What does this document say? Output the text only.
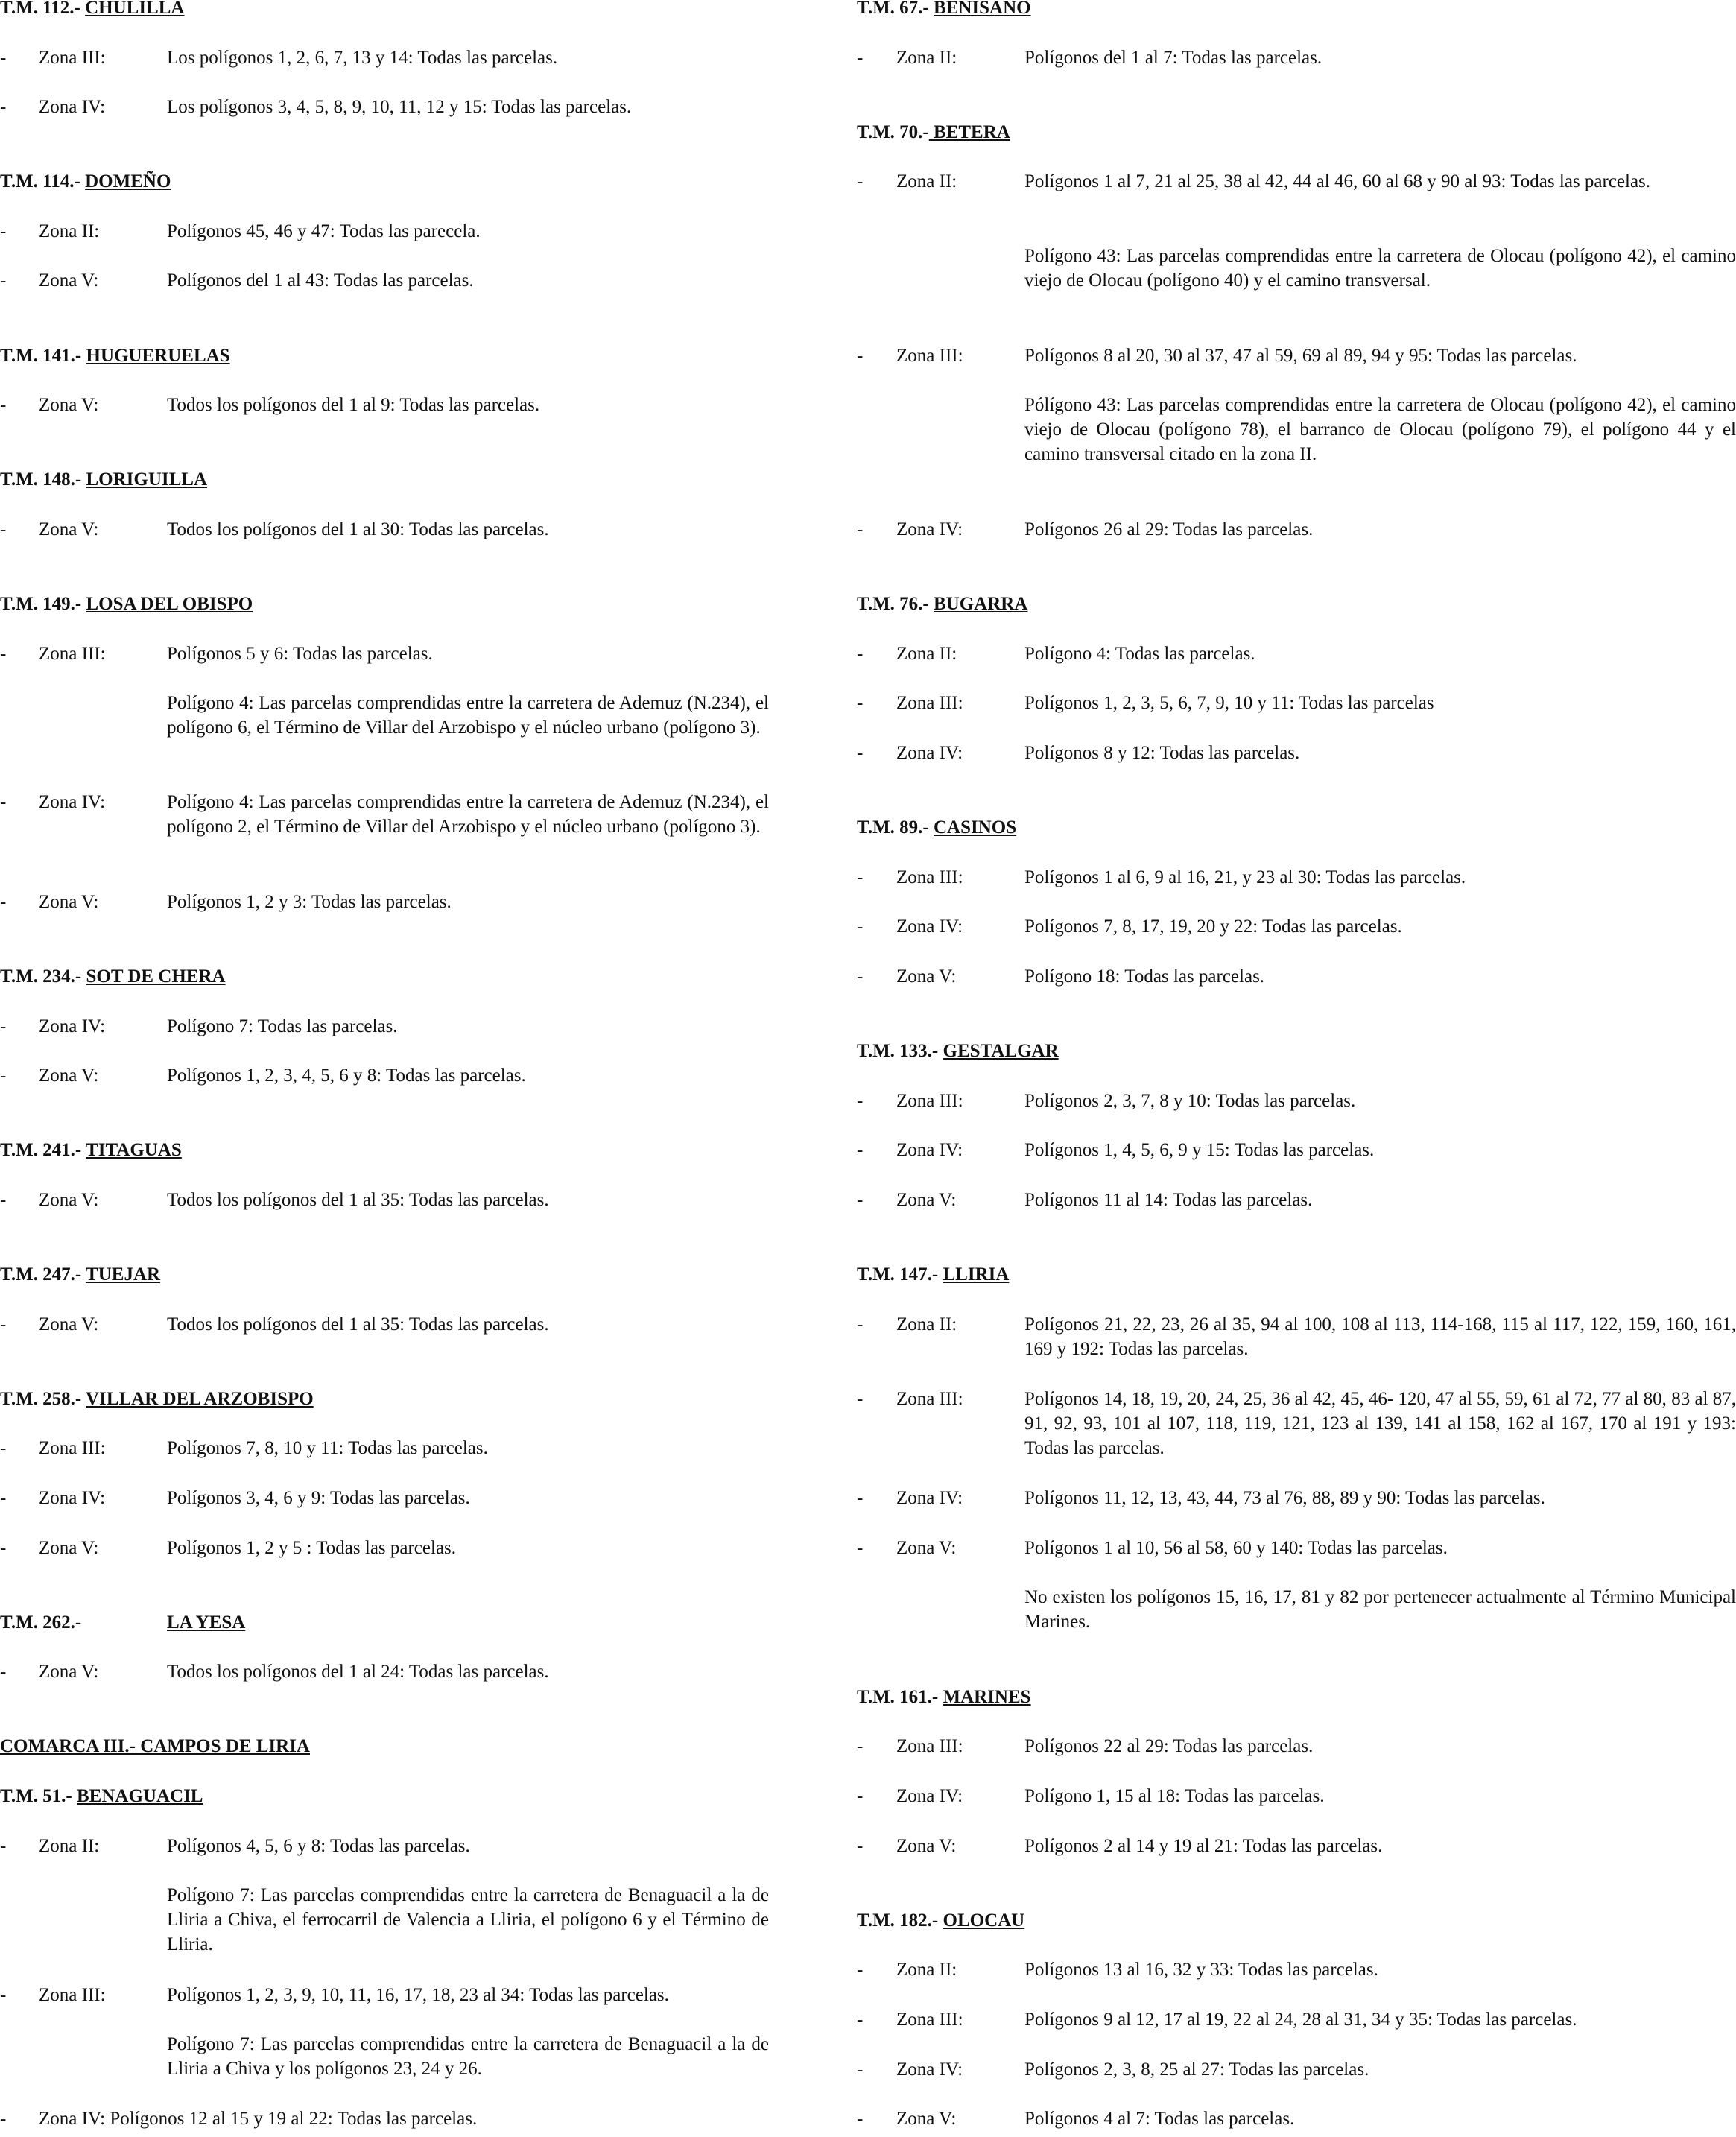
T.M. 112.- CHULILLA
-	Zona III:	Los polígonos 1, 2, 6, 7, 13 y 14: Todas las parcelas.
-	Zona IV:	Los polígonos 3, 4, 5, 8, 9, 10, 11, 12 y 15: Todas las parcelas.
T.M. 114.- DOMEÑO
-	Zona II:	Polígonos 45, 46 y 47: Todas las parecela.
-	Zona V:	Polígonos del 1 al 43: Todas las parcelas.
T.M. 141.- HUGUERUELAS
-	Zona V:	Todos los polígonos del 1 al 9: Todas las parcelas.
T.M. 148.- LORIGUILLA
-	Zona V:	Todos los polígonos del 1 al 30: Todas las parcelas.
T.M. 149.- LOSA DEL OBISPO
-	Zona III:	Polígonos 5 y 6: Todas las parcelas.
Polígono 4: Las parcelas comprendidas entre la carretera de Ademuz (N.234), el polígono 6, el Término de Villar del Arzobispo y el núcleo urbano (polígono 3).
-	Zona IV:	Polígono 4: Las parcelas comprendidas entre la carretera de Ademuz (N.234), el polígono 2, el Término de Villar del Arzobispo y el núcleo urbano (polígono 3).
-	Zona V:	Polígonos 1, 2 y 3: Todas las parcelas.
T.M. 234.- SOT DE CHERA
-	Zona IV:	Polígono 7: Todas las parcelas.
-	Zona V:	Polígonos 1, 2, 3, 4, 5, 6 y 8: Todas las parcelas.
T.M. 241.- TITAGUAS
-	Zona V:	Todos los polígonos del 1 al 35: Todas las parcelas.
T.M. 247.- TUEJAR
-	Zona V:	Todos los polígonos del 1 al 35: Todas las parcelas.
T.M. 258.- VILLAR DEL ARZOBISPO
-	Zona III:	Polígonos 7, 8, 10 y 11: Todas las parcelas.
-	Zona IV:	Polígonos 3, 4, 6 y 9: Todas las parcelas.
-	Zona V:	Polígonos 1, 2 y 5 : Todas las parcelas.
T.M. 262.-	LA YESA
-	Zona V:	Todos los polígonos del 1 al 24: Todas las parcelas.
COMARCA III.- CAMPOS DE LIRIA
T.M. 51.- BENAGUACIL
-	Zona II:	Polígonos 4, 5, 6 y 8: Todas las parcelas.
Polígono 7: Las parcelas comprendidas entre la carretera de Benaguacil a la de Lliria a Chiva, el ferrocarril de Valencia a Lliria, el polígono 6 y el Término de Lliria.
-	Zona III:	Polígonos 1, 2, 3, 9, 10, 11, 16, 17, 18, 23 al 34: Todas las parcelas.
Polígono 7: Las parcelas comprendidas entre la carretera de Benaguacil a la de Lliria a Chiva y los polígonos 23, 24 y 26.
-	Zona IV: Polígonos 12 al 15 y 19 al 22: Todas las parcelas.
T.M. 67.- BENISANO
-	Zona II:	Polígonos del 1 al 7: Todas las parcelas.
T.M. 70.- BETERA
-	Zona II:	Polígonos 1 al 7, 21 al 25, 38 al 42, 44 al 46, 60 al 68 y 90 al 93: Todas las parcelas.
Polígono 43: Las parcelas comprendidas entre la carretera de Olocau (polígono 42), el camino viejo de Olocau (polígono 40) y el camino transversal.
-	Zona III:	Polígonos 8 al 20, 30 al 37, 47 al 59, 69 al 89, 94 y 95: Todas las parcelas.
Pólígono 43: Las parcelas comprendidas entre la carretera de Olocau (polígono 42), el camino viejo de Olocau (polígono 78), el barranco de Olocau (polígono 79), el polígono 44 y el camino transversal citado en la zona II.
-	Zona IV:	Polígonos 26 al 29: Todas las parcelas.
T.M. 76.- BUGARRA
-	Zona II:	Polígono 4: Todas las parcelas.
-	Zona III:	Polígonos 1, 2, 3, 5, 6, 7, 9, 10 y 11: Todas las parcelas
-	Zona IV:	Polígonos 8 y 12: Todas las parcelas.
T.M. 89.- CASINOS
-	Zona III:	Polígonos 1 al 6, 9 al 16, 21, y 23 al 30: Todas las parcelas.
-	Zona IV:	Polígonos 7, 8, 17, 19, 20 y 22: Todas las parcelas.
-	Zona V:	Polígono 18: Todas las parcelas.
T.M. 133.- GESTALGAR
-	Zona III:	Polígonos 2, 3, 7, 8 y 10: Todas las parcelas.
-	Zona IV:	Polígonos 1, 4, 5, 6, 9 y 15: Todas las parcelas.
-	Zona V:	Polígonos 11 al 14: Todas las parcelas.
T.M. 147.- LLIRIA
-	Zona II:	Polígonos 21, 22, 23, 26 al 35, 94 al 100, 108 al 113, 114-168, 115 al 117, 122, 159, 160, 161, 169 y 192: Todas las parcelas.
-	Zona III:	Polígonos 14, 18, 19, 20, 24, 25, 36 al 42, 45, 46- 120, 47 al 55, 59, 61 al 72, 77 al 80, 83 al 87, 91, 92, 93, 101 al 107, 118, 119, 121, 123 al 139, 141 al 158, 162 al 167, 170 al 191 y 193: Todas las parcelas.
-	Zona IV:	Polígonos 11, 12, 13, 43, 44, 73 al 76, 88, 89 y 90: Todas las parcelas.
-	Zona V:	Polígonos 1 al 10, 56 al 58, 60 y 140: Todas las parcelas.
No existen los polígonos 15, 16, 17, 81 y 82 por pertenecer actualmente al Término Municipal Marines.
T.M. 161.- MARINES
-	Zona III:	Polígonos 22 al 29: Todas las parcelas.
-	Zona IV:	Polígono 1, 15 al 18: Todas las parcelas.
-	Zona V:	Polígonos 2 al 14 y 19 al 21: Todas las parcelas.
T.M. 182.- OLOCAU
-	Zona II:	Polígonos 13 al 16, 32 y 33: Todas las parcelas.
-	Zona III:	Polígonos 9 al 12, 17 al 19, 22 al 24, 28 al 31, 34 y 35: Todas las parcelas.
-	Zona IV:	Polígonos 2, 3, 8, 25 al 27: Todas las parcelas.
-	Zona V:	Polígonos 4 al 7: Todas las parcelas.
